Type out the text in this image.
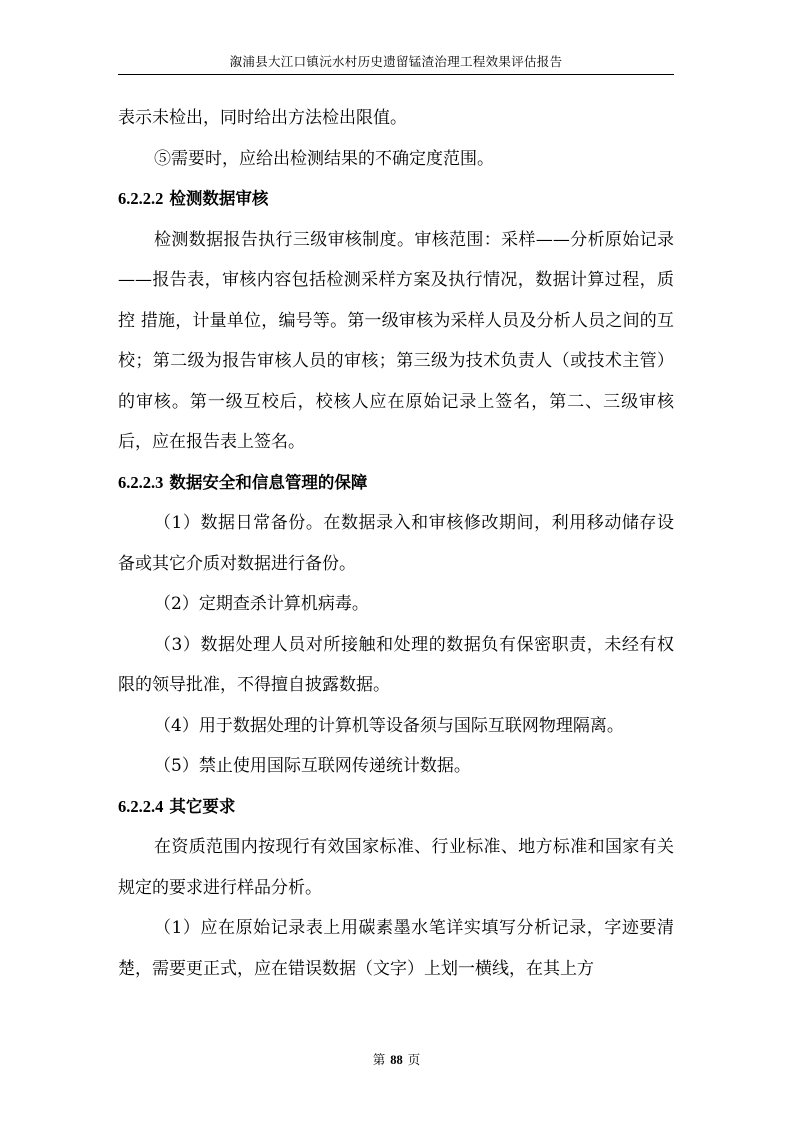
溆浦县大江口镇沅水村历史遗留锰渣治理工程效果评估报告

表示未检出，同时给出方法检出限值。

⑤需要时，应给出检测结果的不确定度范围。

6.2.2.2 检测数据审核

检测数据报告执行三级审核制度。审核范围：采样——分析原始记录——报告表，审核内容包括检测采样方案及执行情况，数据计算过程，质控 措施，计量单位，编号等。第一级审核为采样人员及分析人员之间的互校；第二级为报告审核人员的审核；第三级为技术负责人（或技术主管）的审核。第一级互校后，校核人应在原始记录上签名，第二、三级审核后，应在报告表上签名。

6.2.2.3 数据安全和信息管理的保障

（1）数据日常备份。在数据录入和审核修改期间，利用移动储存设备或其它介质对数据进行备份。

（2）定期查杀计算机病毒。

（3）数据处理人员对所接触和处理的数据负有保密职责，未经有权 限的领导批准，不得擅自披露数据。

（4）用于数据处理的计算机等设备须与国际互联网物理隔离。

（5）禁止使用国际互联网传递统计数据。

6.2.2.4 其它要求

在资质范围内按现行有效国家标准、行业标准、地方标准和国家有关规定的要求进行样品分析。

（1）应在原始记录表上用碳素墨水笔详实填写分析记录，字迹要清楚，需要更正式，应在错误数据（文字）上划一横线，在其上方

第 88 页
